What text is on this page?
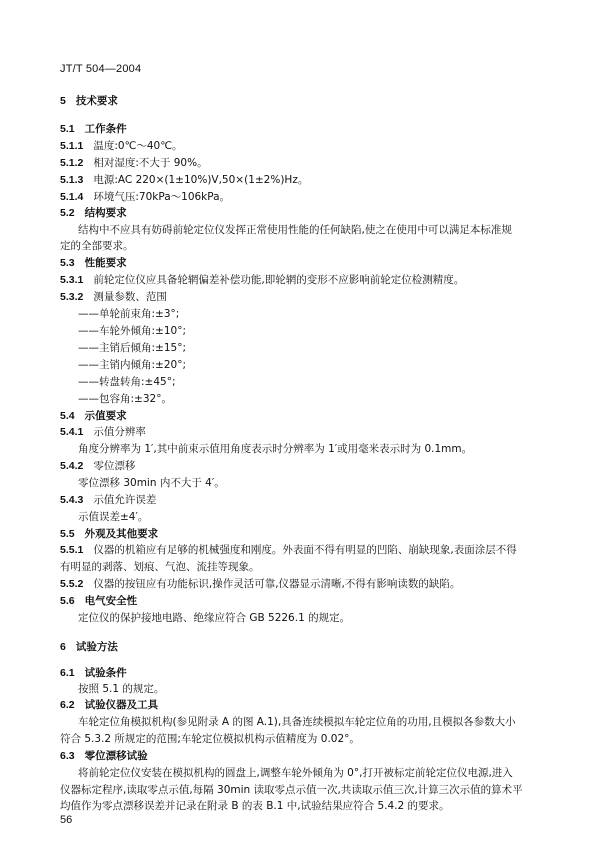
JT/T 504—2004
5 技术要求
5.1 工作条件
5.1.1 温度:0℃～40℃。
5.1.2 相对湿度:不大于 90%。
5.1.3 电源:AC 220×(1±10%)V,50×(1±2%)Hz。
5.1.4 环境气压:70kPa～106kPa。
5.2 结构要求
结构中不应具有妨碍前轮定位仪发挥正常使用性能的任何缺陷,使之在使用中可以满足本标准规
定的全部要求。
5.3 性能要求
5.3.1 前轮定位仪应具备轮辋偏差补偿功能,即轮辋的变形不应影响前轮定位检测精度。
5.3.2 测量参数、范围
——单轮前束角:±3°;
——车轮外倾角:±10°;
——主销后倾角:±15°;
——主销内倾角:±20°;
——转盘转角:±45°;
——包容角:±32°。
5.4 示值要求
5.4.1 示值分辨率
角度分辨率为 1′,其中前束示值用角度表示时分辨率为 1′或用毫米表示时为 0.1mm。
5.4.2 零位漂移
零位漂移 30min 内不大于 4′。
5.4.3 示值允许误差
示值误差±4′。
5.5 外观及其他要求
5.5.1 仪器的机箱应有足够的机械强度和刚度。外表面不得有明显的凹陷、崩缺现象,表面涂层不得
有明显的剥落、划痕、气泡、流挂等现象。
5.5.2 仪器的按钮应有功能标识,操作灵活可靠,仪器显示清晰,不得有影响读数的缺陷。
5.6 电气安全性
定位仪的保护接地电路、绝缘应符合 GB 5226.1 的规定。
6 试验方法
6.1 试验条件
按照 5.1 的规定。
6.2 试验仪器及工具
车轮定位角模拟机构(参见附录 A 的图 A.1),具备连续模拟车轮定位角的功用,且模拟各参数大小
符合 5.3.2 所规定的范围;车轮定位模拟机构示值精度为 0.02°。
6.3 零位漂移试验
将前轮定位仪安装在模拟机构的圆盘上,调整车轮外倾角为 0°,打开被标定前轮定位仪电源,进入
仪器标定程序,读取零点示值,每隔 30min 读取零点示值一次,共读取示值三次,计算三次示值的算术平
均值作为零点漂移误差并记录在附录 B 的表 B.1 中,试验结果应符合 5.4.2 的要求。
56
